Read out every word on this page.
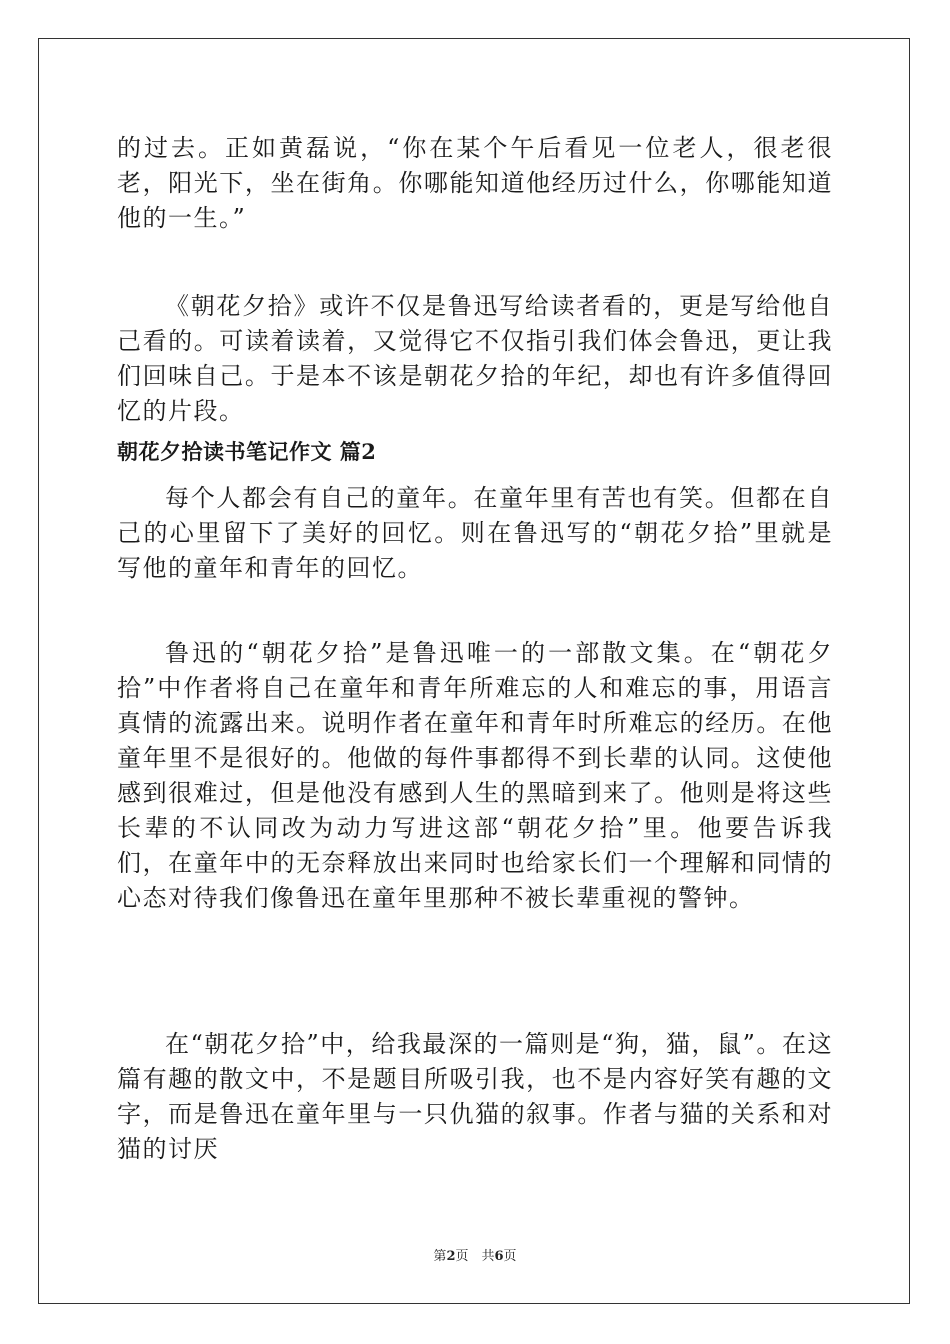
的过去。正如黄磊说，“你在某个午后看见一位老人，很老很老，阳光下，坐在街角。你哪能知道他经历过什么，你哪能知道他的一生。”

《朝花夕拾》或许不仅是鲁迅写给读者看的，更是写给他自己看的。可读着读着，又觉得它不仅指引我们体会鲁迅，更让我们回味自己。于是本不该是朝花夕拾的年纪，却也有许多值得回忆的片段。

朝花夕拾读书笔记作文 篇2

每个人都会有自己的童年。在童年里有苦也有笑。但都在自己的心里留下了美好的回忆。则在鲁迅写的“朝花夕拾”里就是写他的童年和青年的回忆。

鲁迅的“朝花夕拾”是鲁迅唯一的一部散文集。在“朝花夕拾”中作者将自己在童年和青年所难忘的人和难忘的事，用语言真情的流露出来。说明作者在童年和青年时所难忘的经历。在他童年里不是很好的。他做的每件事都得不到长辈的认同。这使他感到很难过，但是他没有感到人生的黑暗到来了。他则是将这些长辈的不认同改为动力写进这部“朝花夕拾”里。他要告诉我们，在童年中的无奈释放出来同时也给家长们一个理解和同情的心态对待我们像鲁迅在童年里那种不被长辈重视的警钟。

在“朝花夕拾”中，给我最深的一篇则是“狗，猫，鼠”。在这篇有趣的散文中，不是题目所吸引我，也不是内容好笑有趣的文字，而是鲁迅在童年里与一只仇猫的叙事。作者与猫的关系和对猫的讨厌

第2页　共6页
